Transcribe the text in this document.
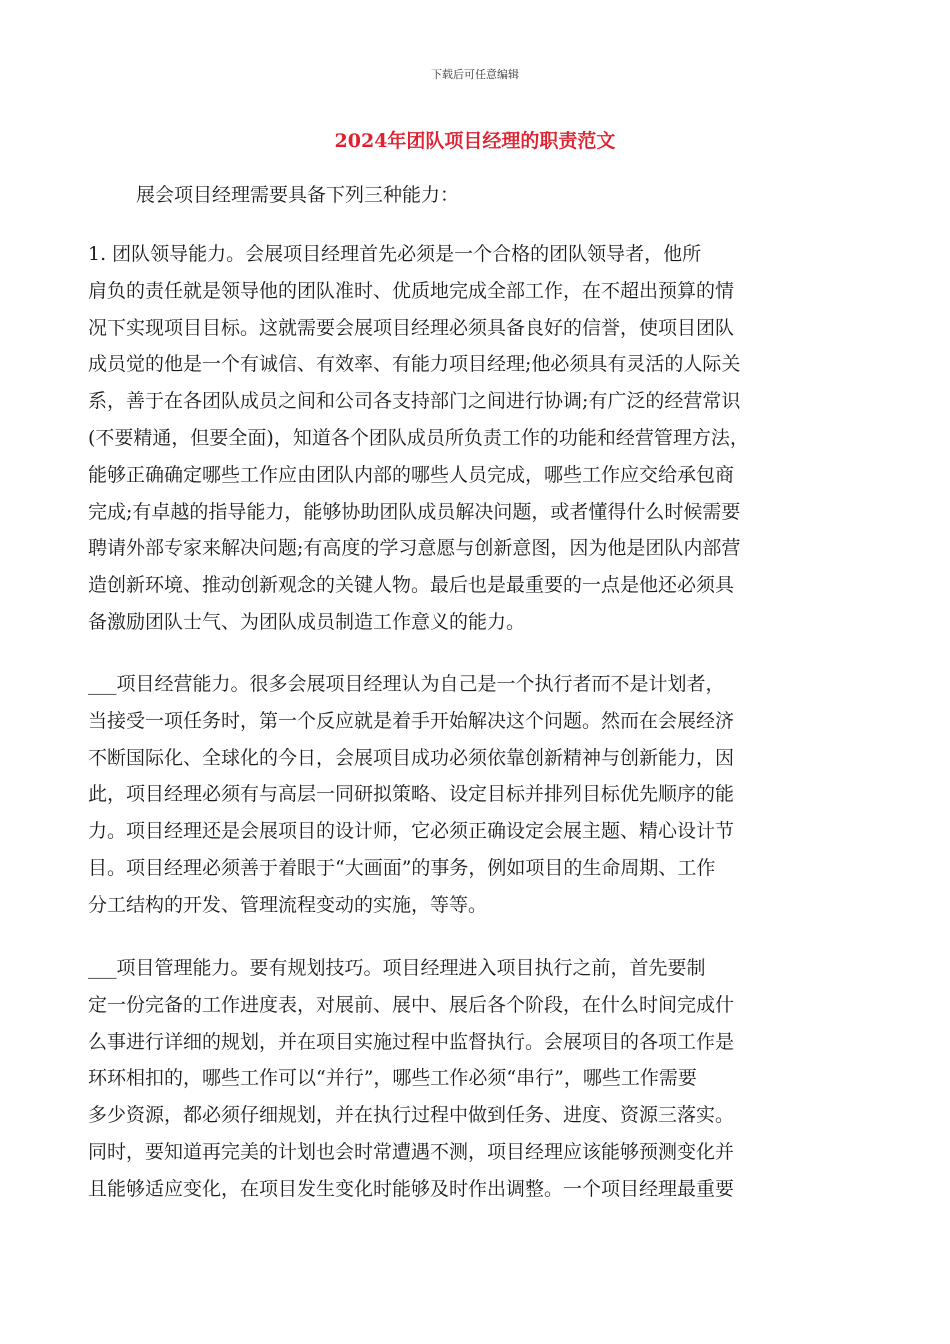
下载后可任意编辑
2024年团队项目经理的职责范文
展会项目经理需要具备下列三种能力：
1. 团队领导能力。会展项目经理首先必须是一个合格的团队领导者，他所
肩负的责任就是领导他的团队准时、优质地完成全部工作，在不超出预算的情
况下实现项目目标。这就需要会展项目经理必须具备良好的信誉，使项目团队
成员觉的他是一个有诚信、有效率、有能力项目经理;他必须具有灵活的人际关
系，善于在各团队成员之间和公司各支持部门之间进行协调;有广泛的经营常识
(不要精通，但要全面)，知道各个团队成员所负责工作的功能和经营管理方法，
能够正确确定哪些工作应由团队内部的哪些人员完成，哪些工作应交给承包商
完成;有卓越的指导能力，能够协助团队成员解决问题，或者懂得什么时候需要
聘请外部专家来解决问题;有高度的学习意愿与创新意图，因为他是团队内部营
造创新环境、推动创新观念的关键人物。最后也是最重要的一点是他还必须具
备激励团队士气、为团队成员制造工作意义的能力。
___项目经营能力。很多会展项目经理认为自己是一个执行者而不是计划者，
当接受一项任务时，第一个反应就是着手开始解决这个问题。然而在会展经济
不断国际化、全球化的今日，会展项目成功必须依靠创新精神与创新能力，因
此，项目经理必须有与高层一同研拟策略、设定目标并排列目标优先顺序的能
力。项目经理还是会展项目的设计师，它必须正确设定会展主题、精心设计节
目。项目经理必须善于着眼于“大画面”的事务，例如项目的生命周期、工作
分工结构的开发、管理流程变动的实施，等等。
___项目管理能力。要有规划技巧。项目经理进入项目执行之前，首先要制
定一份完备的工作进度表，对展前、展中、展后各个阶段，在什么时间完成什
么事进行详细的规划，并在项目实施过程中监督执行。会展项目的各项工作是
环环相扣的，哪些工作可以“并行”，哪些工作必须“串行”，哪些工作需要
多少资源，都必须仔细规划，并在执行过程中做到任务、进度、资源三落实。
同时，要知道再完美的计划也会时常遭遇不测，项目经理应该能够预测变化并
且能够适应变化，在项目发生变化时能够及时作出调整。一个项目经理最重要
